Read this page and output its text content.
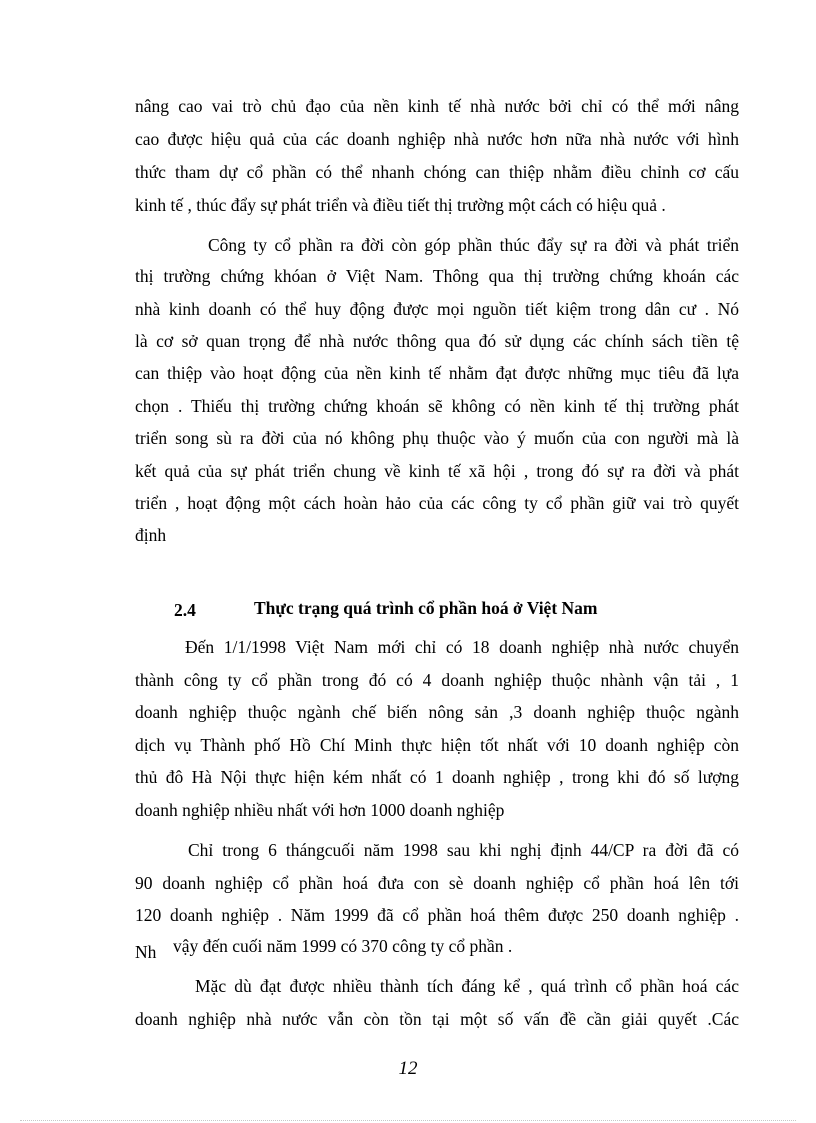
nâng cao vai trò chủ đạo của nền kinh tế nhà nước bởi chỉ có thể mới nâng
cao được hiệu quả của các doanh nghiệp nhà nước hơn nữa nhà nước với hình
thức tham dự cổ phần có thể nhanh chóng can thiệp nhằm điều chỉnh cơ cấu
kinh tế , thúc đẩy sự phát triển và điều tiết thị trường một cách có hiệu quả .
Công ty cổ phần ra đời còn góp phần thúc đẩy sự ra đời và phát triển
thị trường chứng khóan ở Việt Nam. Thông qua thị trường chứng khoán các
nhà kinh doanh có thể huy động được mọi nguồn tiết kiệm trong dân cư . Nó
là cơ sở quan trọng để nhà nước thông qua đó sử dụng các chính sách tiền tệ
can thiệp vào hoạt động của nền kinh tế nhằm đạt được những mục tiêu đã lựa
chọn . Thiếu thị trường chứng khoán sẽ không có nền kinh tế thị trường phát
triển song sù ra đời của nó không phụ thuộc vào ý muốn của con người mà là
kết quả của sự phát triển chung về kinh tế xã hội , trong đó sự ra đời và phát
triển , hoạt động một cách hoàn hảo của các công ty cổ phần giữ vai trò quyết
định
2.4	Thực trạng quá trình cổ phần hoá ở Việt Nam
Đến 1/1/1998 Việt Nam mới chỉ có 18 doanh nghiệp nhà nước chuyển
thành công ty cổ phần trong đó có 4 doanh nghiệp thuộc nhành vận tải , 1
doanh nghiệp thuộc ngành chế biến nông sản ,3 doanh nghiệp thuộc ngành
dịch vụ Thành phố Hồ Chí Minh thực hiện tốt nhất với 10 doanh nghiệp còn
thủ đô Hà Nội thực hiện kém nhất có 1 doanh nghiệp , trong khi đó số lượng
doanh nghiệp nhiều nhất với hơn 1000 doanh nghiệp
Chỉ trong 6 thángcuối năm 1998 sau khi nghị định 44/CP ra đời đã có
90 doanh nghiệp cổ phần hoá đưa con sè doanh nghiệp cổ phần hoá lên tới
120 doanh nghiệp . Năm 1999 đã cổ phần hoá thêm được 250 doanh nghiệp .
Nh vậy đến cuối năm 1999 có 370 công ty cổ phần .
Mặc dù đạt được nhiều thành tích đáng kể , quá trình cổ phần hoá các
doanh nghiệp nhà nước vẫn còn tồn tại một số vấn đề cần giải quyết .Các
12
